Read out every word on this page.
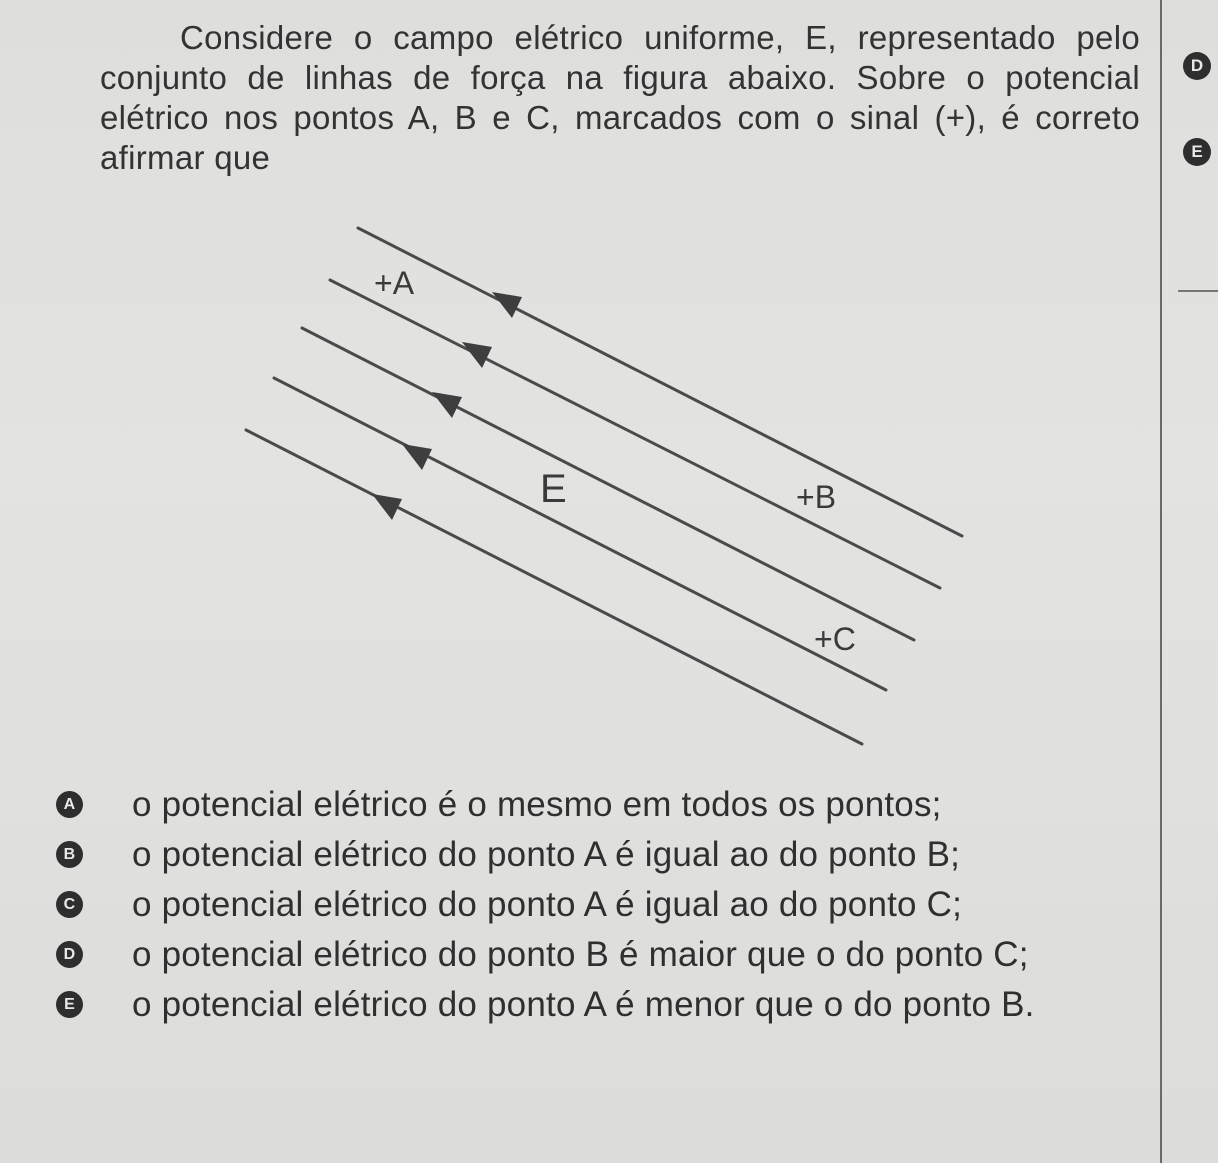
Considere o campo elétrico uniforme, E, representado pelo conjunto de linhas de força na figura abaixo. Sobre o potencial elétrico nos pontos A, B e C, marcados com o sinal (+), é correto afirmar que

D
E
+A
E	+B
+C
A o potencial elétrico é o mesmo em todos os pontos;
B o potencial elétrico do ponto A é igual ao do ponto B;
C o potencial elétrico do ponto A é igual ao do ponto C;
D o potencial elétrico do ponto B é maior que o do ponto C;
E o potencial elétrico do ponto A é menor que o do ponto B.
